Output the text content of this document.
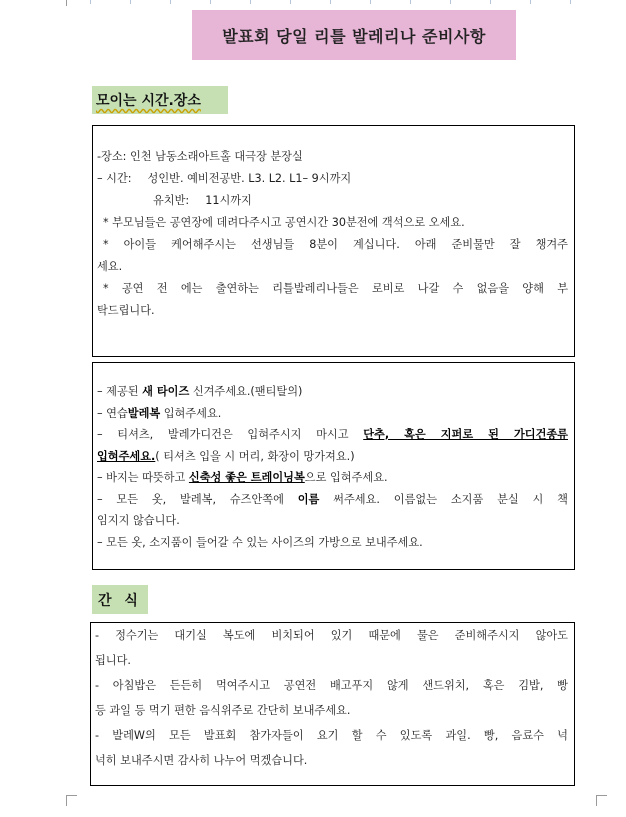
발표회 당일 리틀 발레리나 준비사항
모이는 시간.장소
-장소: 인천 남동소래아트홀 대극장 분장실
– 시간: 성인반. 예비전공반. L3. L2. L1– 9시까지
유치반: 11시까지
* 부모님들은 공연장에 데려다주시고 공연시간 30분전에 객석으로 오세요.
* 아이들 케어해주시는 선생님들 8분이 계십니다. 아래 준비물만 잘 챙겨주
세요.
* 공연 전 에는 출연하는 리틀발레리나들은 로비로 나갈 수 없음을 양해 부
탁드립니다.
– 제공된 새 타이즈 신겨주세요.(팬티탈의)
– 연습발레복 입혀주세요.
– 티셔츠, 발레가디건은 입혀주시지 마시고 단추, 혹은 지퍼로 된 가디건종류
입혀주세요.( 티셔츠 입을 시 머리, 화장이 망가져요.)
– 바지는 따뜻하고 신축성 좋은 트레이닝복으로 입혀주세요.
– 모든 옷, 발레복, 슈즈안쪽에 이름 써주세요. 이름없는 소지품 분실 시 책
임지지 않습니다.
– 모든 옷, 소지품이 들어갈 수 있는 사이즈의 가방으로 보내주세요.
간 식
- 정수기는 대기실 복도에 비치되어 있기 때문에 물은 준비해주시지 않아도
됩니다.
- 아침밥은 든든히 먹여주시고 공연전 배고푸지 않게 샌드위치, 혹은 김밥, 빵
등 과일 등 먹기 편한 음식위주로 간단히 보내주세요.
- 발레W의 모든 발표회 참가자들이 요기 할 수 있도록 과일. 빵, 음료수 넉
넉히 보내주시면 감사히 나누어 먹겠습니다.
